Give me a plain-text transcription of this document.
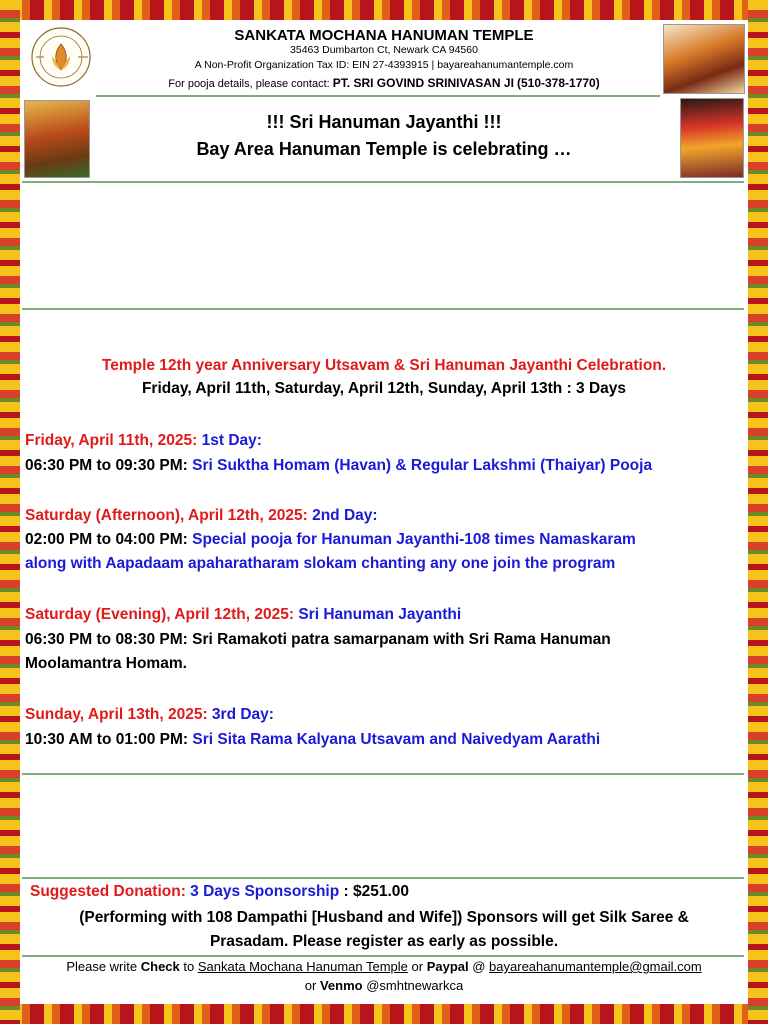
SANKATA MOCHANA HANUMAN TEMPLE
35463 Dumbarton Ct, Newark CA 94560
A Non-Profit Organization Tax ID: EIN 27-4393915 | bayareahanumantemple.com
For pooja details, please contact: PT. SRI GOVIND SRINIVASAN JI (510-378-1770)
!!! Sri Hanuman Jayanthi !!!
Bay Area Hanuman Temple is celebrating …
Temple 12th year Anniversary Utsavam & Sri Hanuman Jayanthi Celebration.
Friday, April 11th, Saturday, April 12th, Sunday, April 13th : 3 Days
Friday, April 11th, 2025: 1st Day:
06:30 PM to 09:30 PM: Sri Suktha Homam (Havan) & Regular Lakshmi (Thaiyar) Pooja
Saturday (Afternoon), April 12th, 2025: 2nd Day:
02:00 PM to 04:00 PM: Special pooja for Hanuman Jayanthi-108 times Namaskaram
along with Aapadaam apaharatharam slokam chanting any one join the program
Saturday (Evening), April 12th, 2025: Sri Hanuman Jayanthi
06:30 PM to 08:30 PM: Sri Ramakoti patra samarpanam with Sri Rama Hanuman
Moolamantra Homam.
Sunday, April 13th, 2025: 3rd Day:
10:30 AM to 01:00 PM: Sri Sita Rama Kalyana Utsavam and Naivedyam Aarathi
Suggested Donation: 3 Days Sponsorship : $251.00
(Performing with 108 Dampathi [Husband and Wife]) Sponsors will get Silk Saree &
Prasadam. Please register as early as possible.
Please write Check to Sankata Mochana Hanuman Temple or Paypal @ bayareahanumantemple@gmail.com
or Venmo @smhtnewarkca
